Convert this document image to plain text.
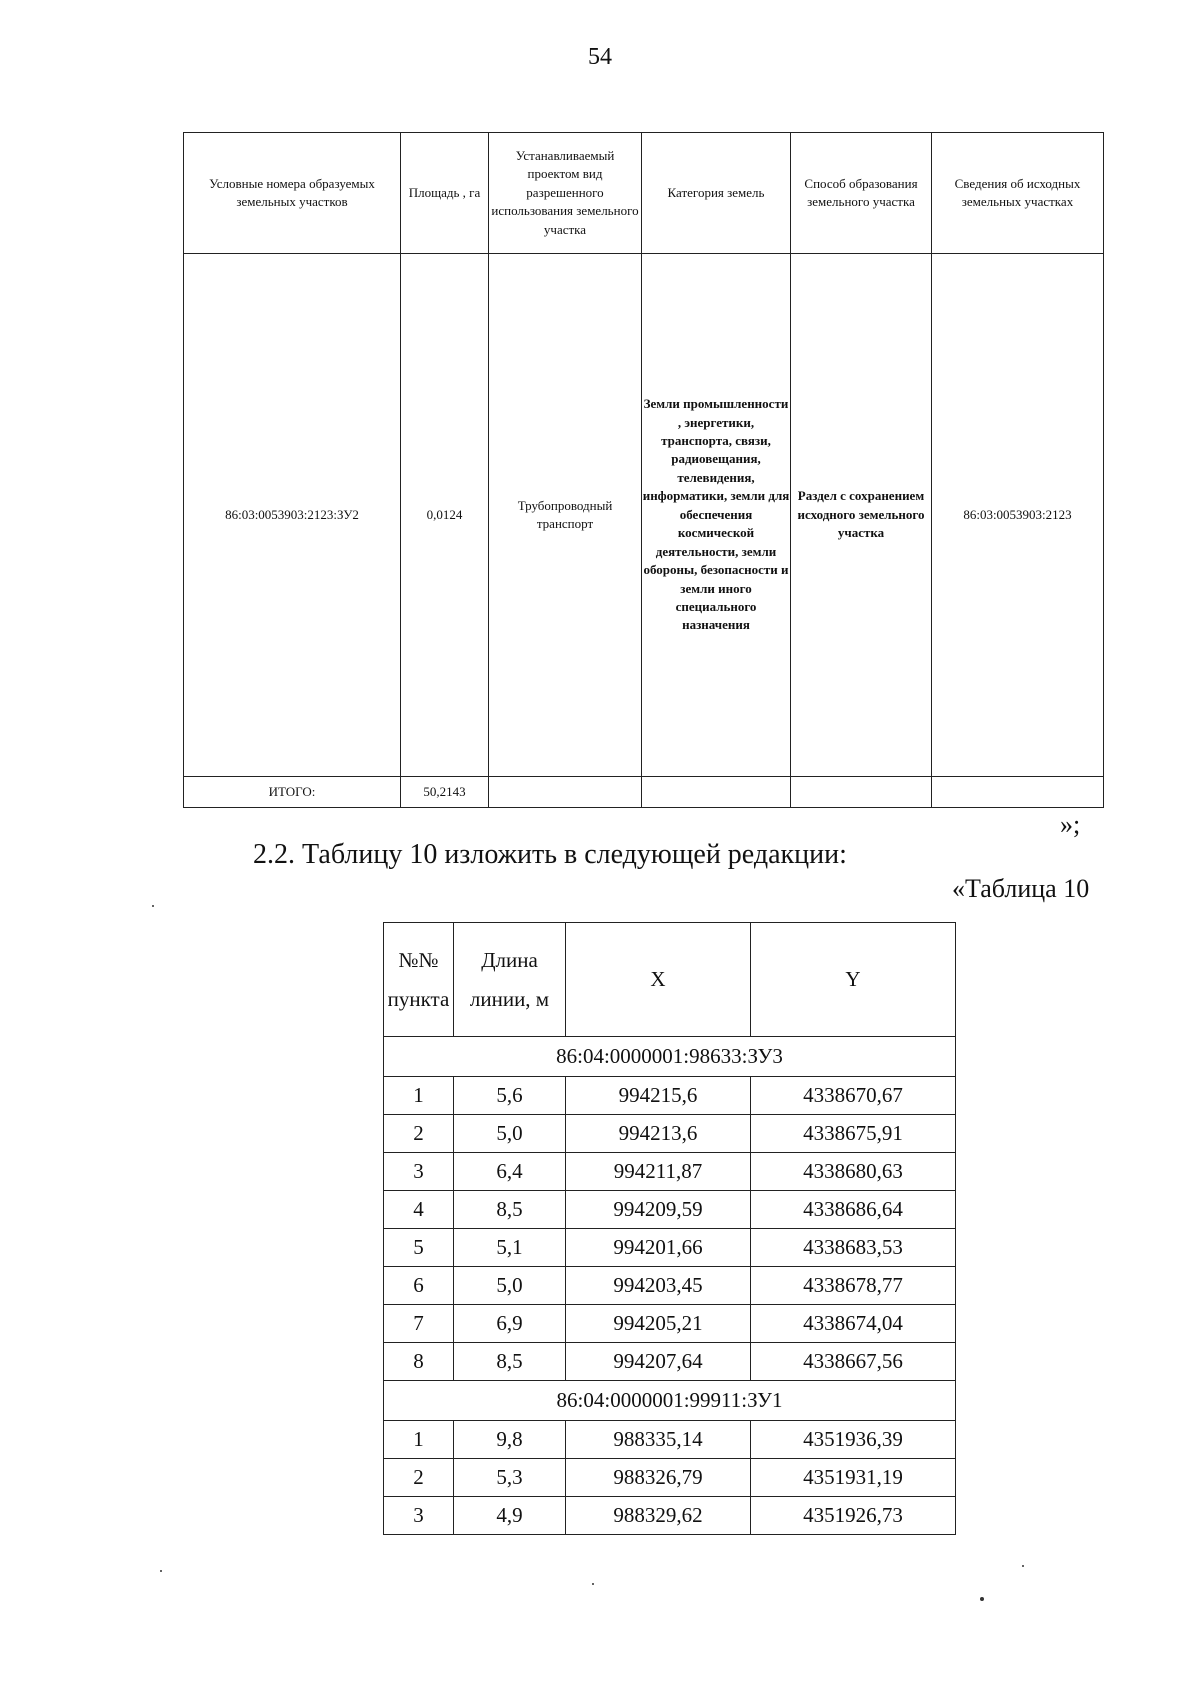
54
Условные номера образуемых земельных участков	Площадь , га	Устанавливаемый проектом вид разрешенного использования земельного участка	Категория земель	Способ образования земельного участка	Сведения об исходных земельных участках
86:03:0053903:2123:ЗУ2	0,0124	Трубопроводный транспорт	Земли промышленности , энергетики, транспорта, связи, радиовещания, телевидения, информатики, земли для обеспечения космической деятельности, земли обороны, безопасности и земли иного специального назначения	Раздел с сохранением исходного земельного участка	86:03:0053903:2123
ИТОГО:	50,2143				
»;
2.2. Таблицу 10 изложить в следующей редакции:
«Таблица 10
№№ пункта	Длина линии, м	X	Y
86:04:0000001:98633:ЗУ3			
1	5,6	994215,6	4338670,67
2	5,0	994213,6	4338675,91
3	6,4	994211,87	4338680,63
4	8,5	994209,59	4338686,64
5	5,1	994201,66	4338683,53
6	5,0	994203,45	4338678,77
7	6,9	994205,21	4338674,04
8	8,5	994207,64	4338667,56
86:04:0000001:99911:ЗУ1			
1	9,8	988335,14	4351936,39
2	5,3	988326,79	4351931,19
3	4,9	988329,62	4351926,73
